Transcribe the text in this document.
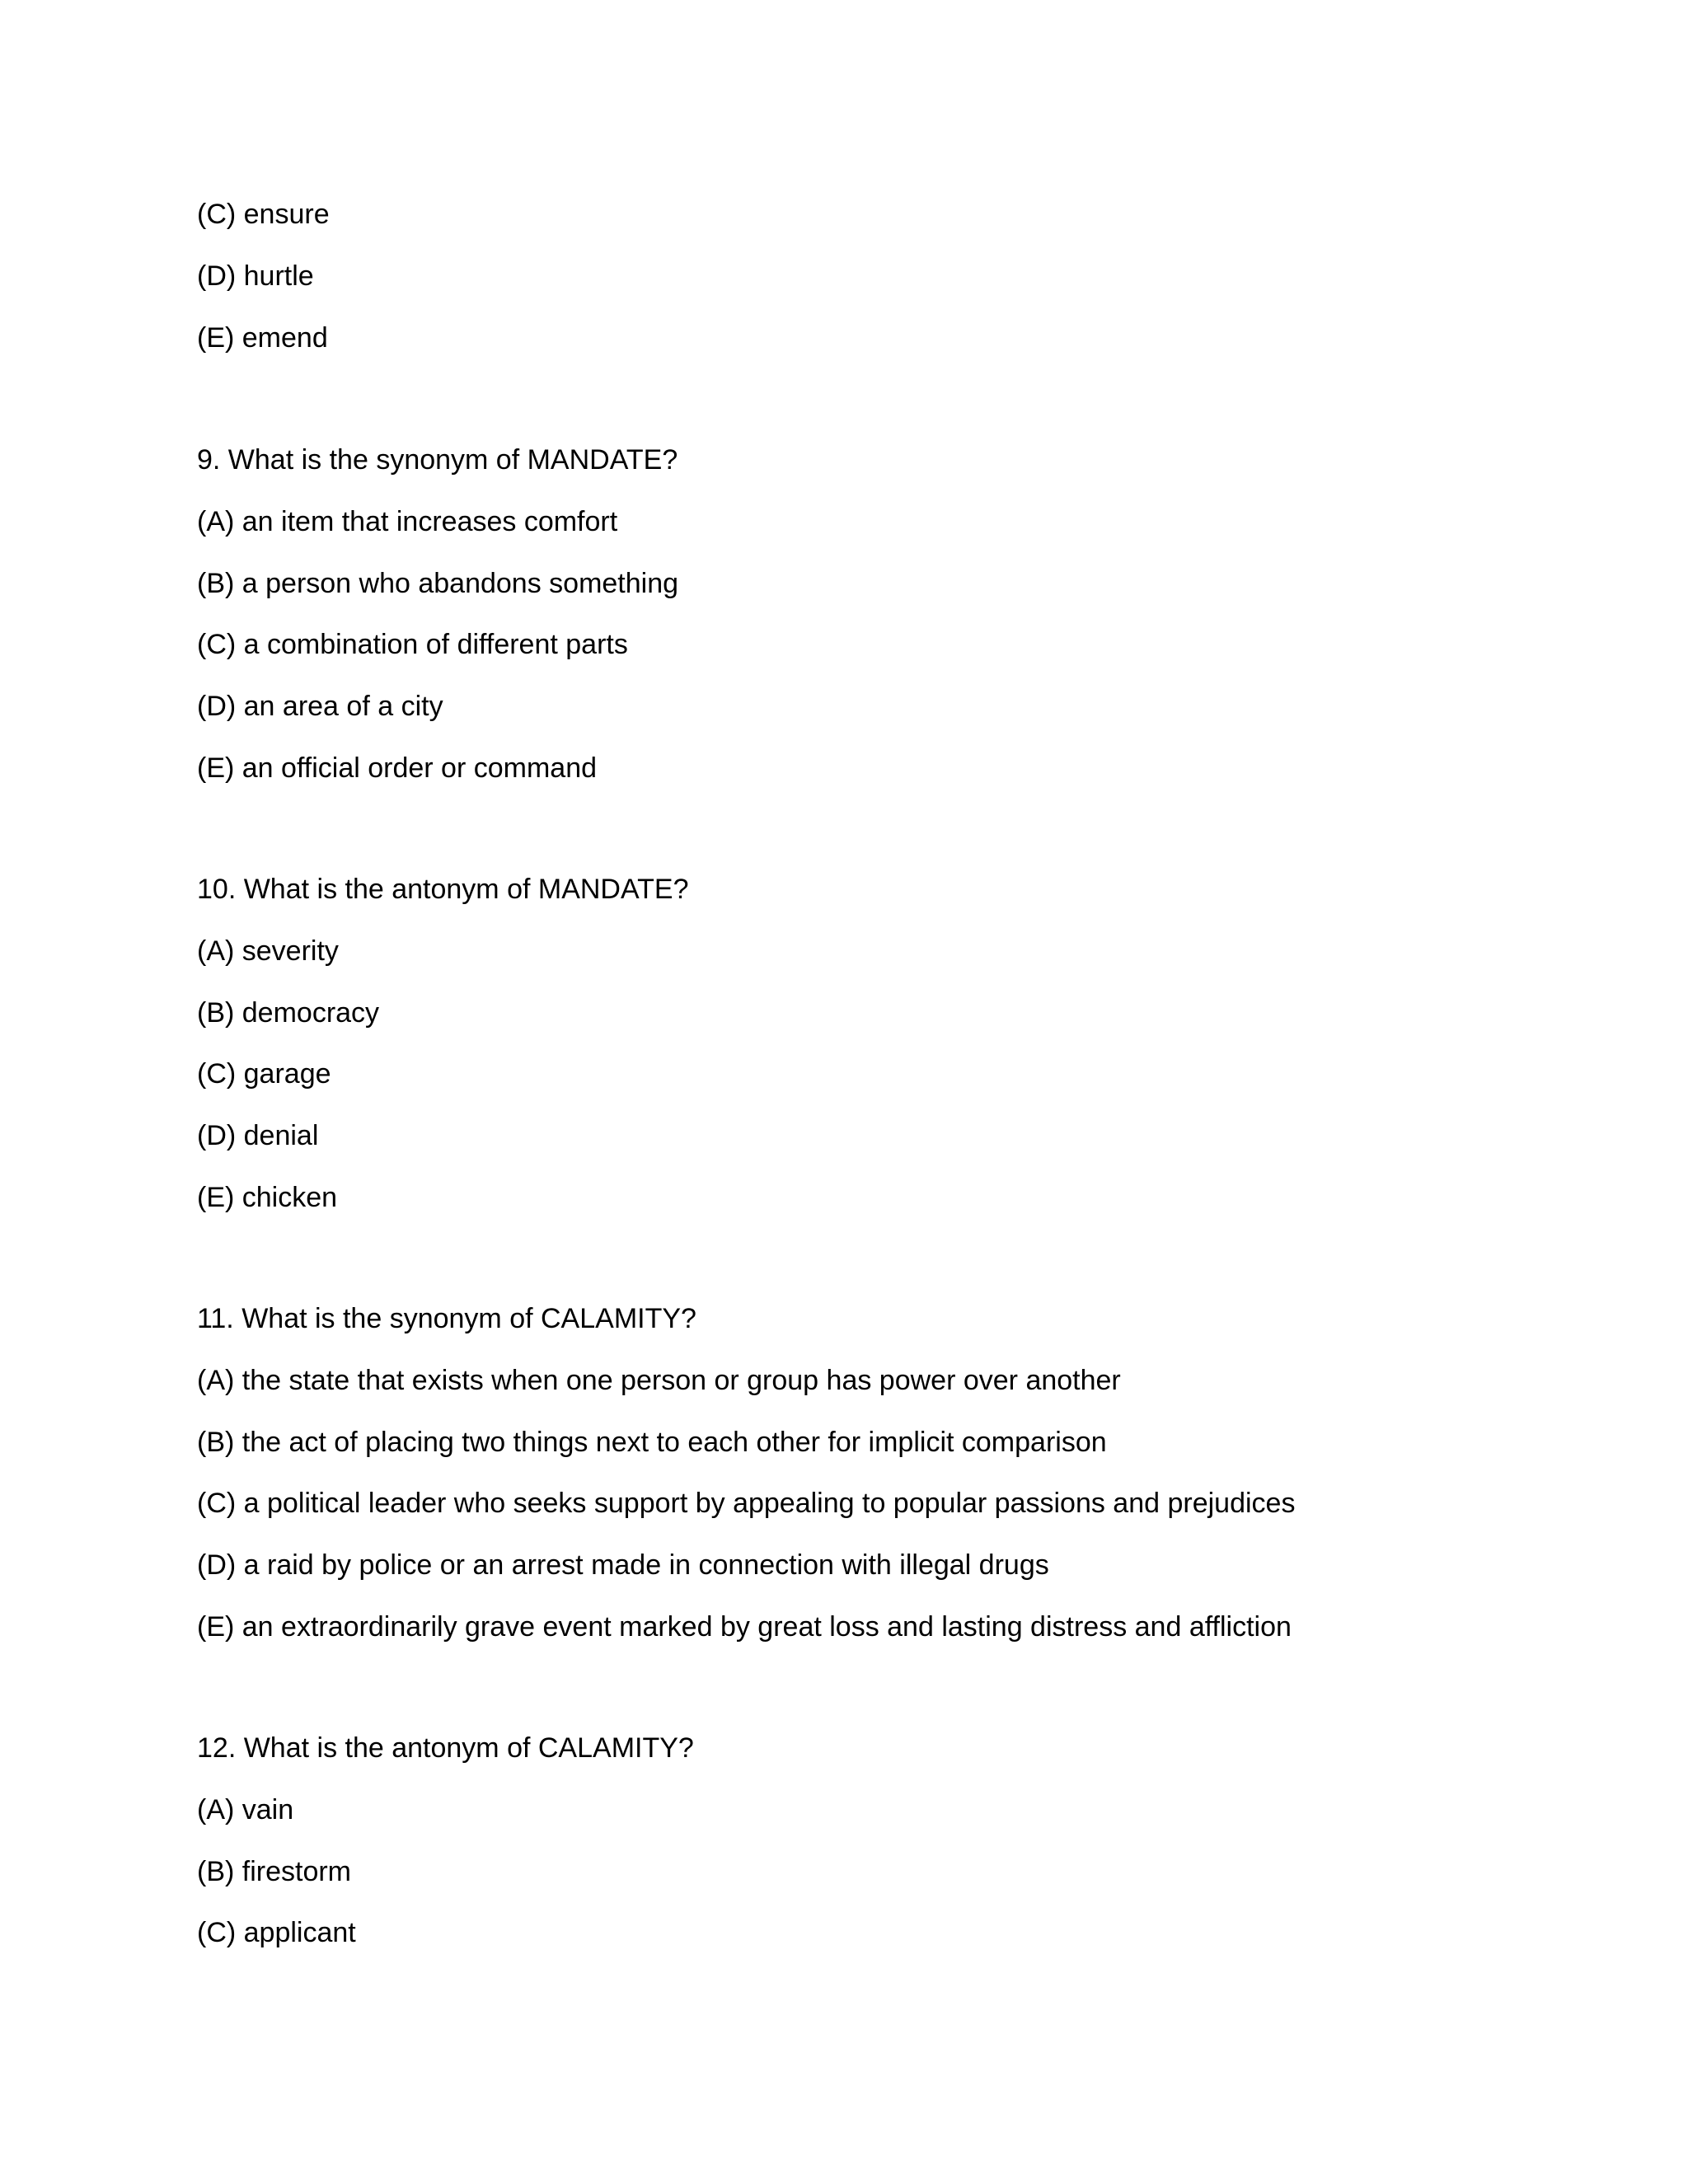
(C) ensure
(D) hurtle
(E) emend
9. What is the synonym of MANDATE?
(A) an item that increases comfort
(B) a person who abandons something
(C) a combination of different parts
(D) an area of a city
(E) an official order or command
10. What is the antonym of MANDATE?
(A) severity
(B) democracy
(C) garage
(D) denial
(E) chicken
11. What is the synonym of CALAMITY?
(A) the state that exists when one person or group has power over another
(B) the act of placing two things next to each other for implicit comparison
(C) a political leader who seeks support by appealing to popular passions and prejudices
(D) a raid by police or an arrest made in connection with illegal drugs
(E) an extraordinarily grave event marked by great loss and lasting distress and affliction
12. What is the antonym of CALAMITY?
(A) vain
(B) firestorm
(C) applicant
